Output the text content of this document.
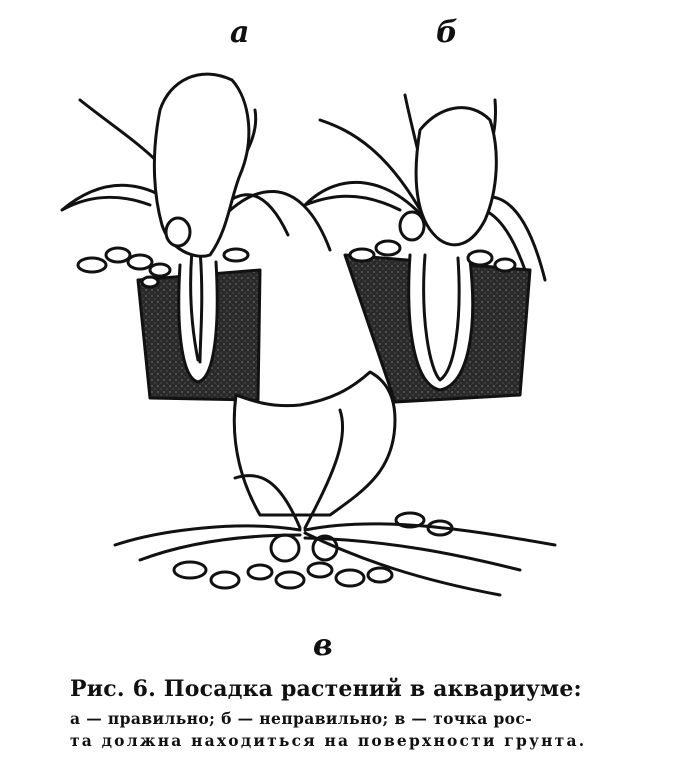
а	б
в
Рис. 6. Посадка растений в аквариуме:
а — правильно; б — неправильно; в — точка рос-
та должна находиться на поверхности грунта.
